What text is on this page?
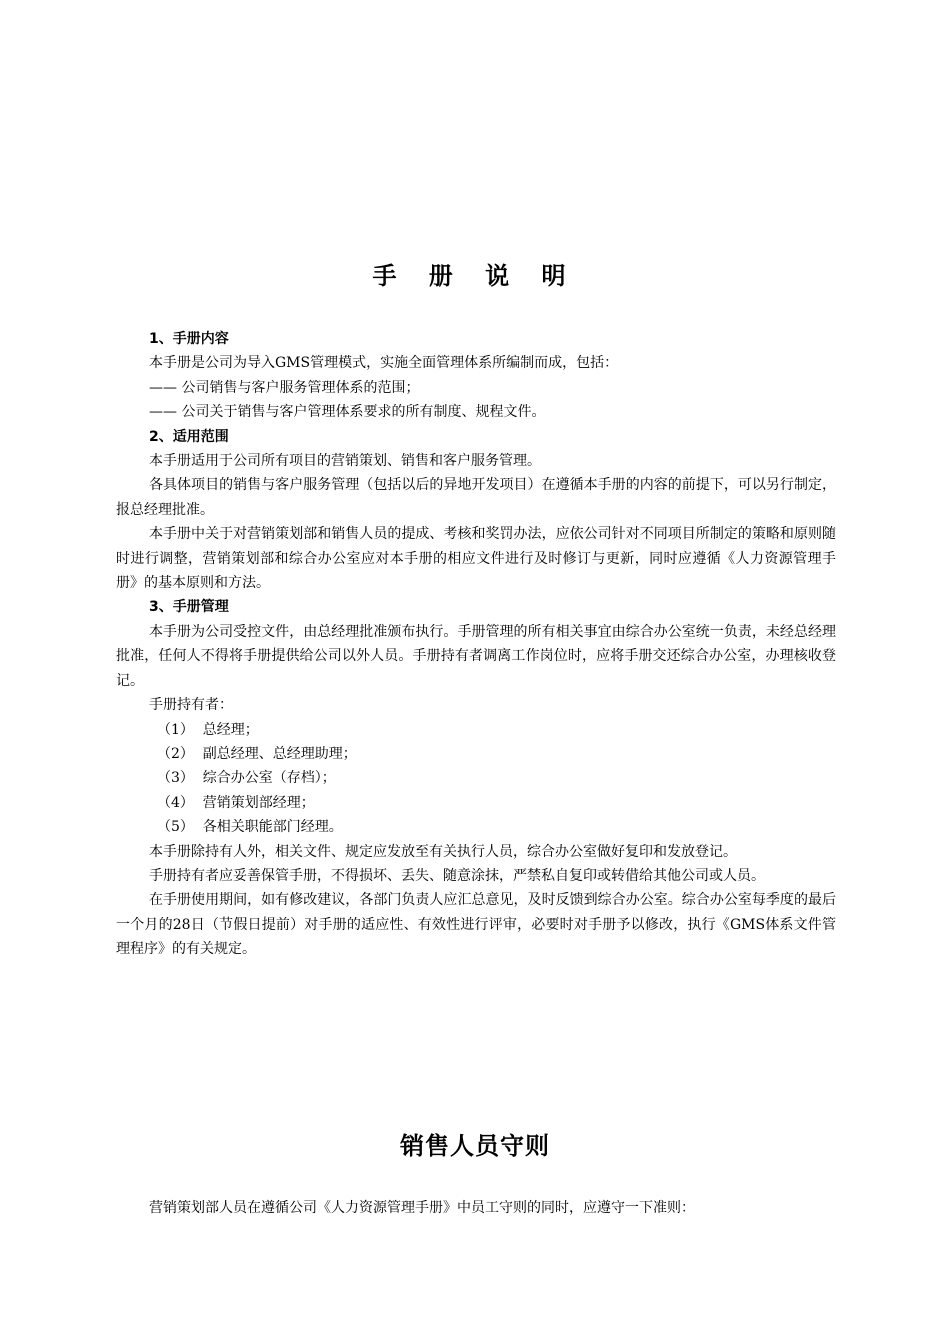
手 册 说 明
1、手册内容
本手册是公司为导入GMS管理模式，实施全面管理体系所编制而成，包括：
—— 公司销售与客户服务管理体系的范围；
—— 公司关于销售与客户管理体系要求的所有制度、规程文件。
2、适用范围
本手册适用于公司所有项目的营销策划、销售和客户服务管理。
各具体项目的销售与客户服务管理（包括以后的异地开发项目）在遵循本手册的内容的前提下，可以另行制定，报总经理批准。
本手册中关于对营销策划部和销售人员的提成、考核和奖罚办法，应依公司针对不同项目所制定的策略和原则随时进行调整，营销策划部和综合办公室应对本手册的相应文件进行及时修订与更新，同时应遵循《人力资源管理手册》的基本原则和方法。
3、手册管理
本手册为公司受控文件，由总经理批准颁布执行。手册管理的所有相关事宜由综合办公室统一负责，未经总经理批准，任何人不得将手册提供给公司以外人员。手册持有者调离工作岗位时，应将手册交还综合办公室，办理核收登记。
手册持有者：
（1）  总经理；
（2）  副总经理、总经理助理；
（3）  综合办公室（存档）；
（4）  营销策划部经理；
（5）  各相关职能部门经理。
本手册除持有人外，相关文件、规定应发放至有关执行人员，综合办公室做好复印和发放登记。
手册持有者应妥善保管手册，不得损坏、丢失、随意涂抹，严禁私自复印或转借给其他公司或人员。
在手册使用期间，如有修改建议，各部门负责人应汇总意见，及时反馈到综合办公室。综合办公室每季度的最后一个月的28日（节假日提前）对手册的适应性、有效性进行评审，必要时对手册予以修改，执行《GMS体系文件管理程序》的有关规定。
销售人员守则
营销策划部人员在遵循公司《人力资源管理手册》中员工守则的同时，应遵守一下准则：
